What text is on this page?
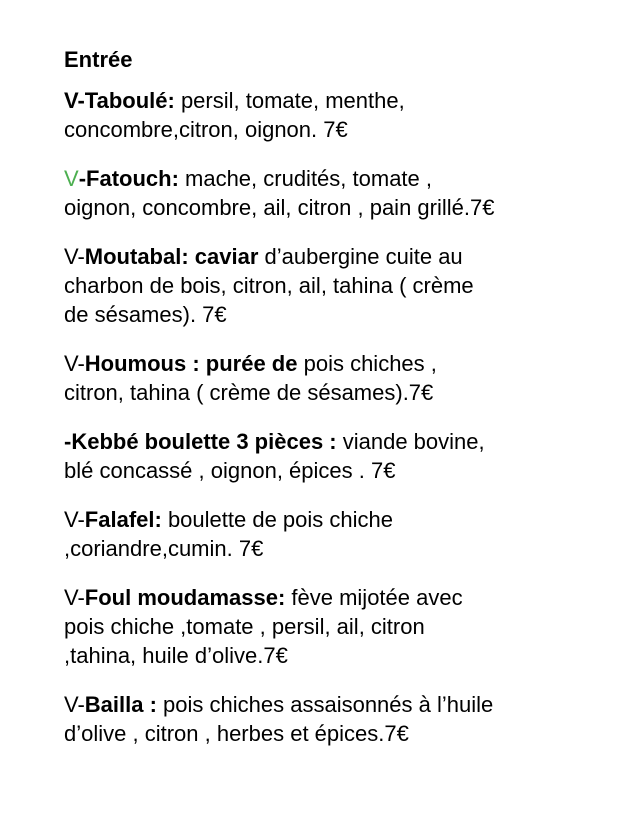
Entrée
V-Taboulé: persil, tomate, menthe,
concombre,citron, oignon. 7€
V-Fatouch: mache, crudités, tomate ,
oignon, concombre, ail, citron , pain grillé.7€
V-Moutabal: caviar d’aubergine cuite au
charbon de bois, citron, ail, tahina ( crème
de sésames). 7€
V-Houmous : purée de pois chiches ,
citron, tahina ( crème de sésames).7€
-Kebbé boulette 3 pièces : viande bovine,
blé concassé , oignon, épices . 7€
V-Falafel: boulette de pois chiche
,coriandre,cumin. 7€
V-Foul moudamasse: fève mijotée avec
pois chiche ,tomate , persil, ail, citron
,tahina, huile d’olive.7€
V-Bailla : pois chiches assaisonnés à l’huile
d’olive , citron , herbes et épices.7€
